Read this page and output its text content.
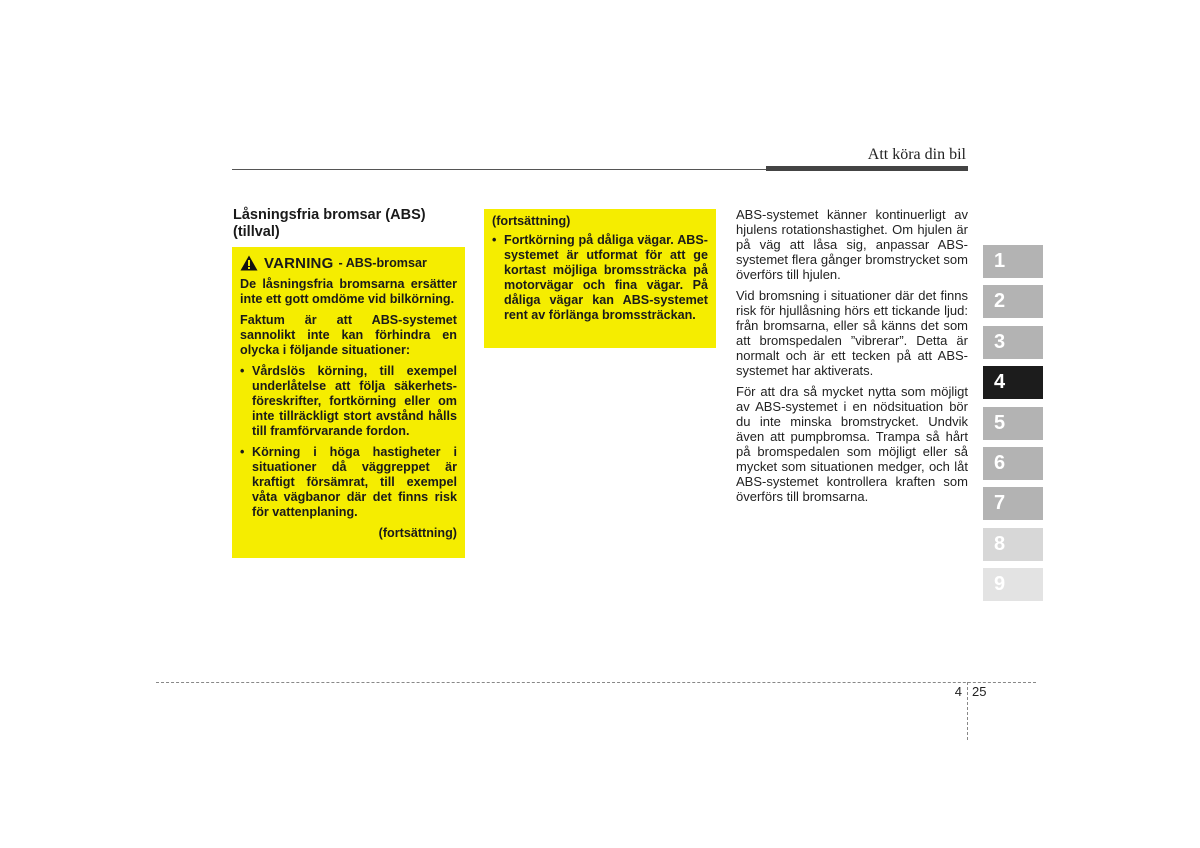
Att köra din bil
Låsningsfria bromsar (ABS) (tillval)
VARNING - ABS-bromsar

De låsningsfria bromsarna ersätter inte ett gott omdöme vid bilkörning.

Faktum är att ABS-systemet sannolikt inte kan förhindra en olycka i följande situationer:

• Vårdslös körning, till exempel underlåtelse att följa säkerhets-föreskrifter, fortkörning eller om inte tillräckligt stort avstånd hålls till framförvarande fordon.
• Körning i höga hastigheter i situationer då väggreppet är kraftigt försämrat, till exempel våta vägbanor där det finns risk för vattenplaning.
(fortsättning)

(fortsättning)

• Fortkörning på dåliga vägar. ABS-systemet är utformat för att ge kortast möjliga bromssträcka på motorvägar och fina vägar. På dåliga vägar kan ABS-systemet rent av förlänga bromssträckan.

ABS-systemet känner kontinuerligt av hjulens rotationshastighet. Om hjulen är på väg att låsa sig, anpassar ABS-systemet flera gånger bromstrycket som överförs till hjulen.

Vid bromsning i situationer där det finns risk för hjullåsning hörs ett tickande ljud: från bromsarna, eller så känns det som att bromspedalen ”vibrerar”. Detta är normalt och är ett tecken på att ABS-systemet har aktiverats.

För att dra så mycket nytta som möjligt av ABS-systemet i en nödsituation bör du inte minska bromstrycket. Undvik även att pumpbromsa. Trampa så hårt på bromspedalen som möjligt eller så mycket som situationen medger, och låt ABS-systemet kontrollera kraften som överförs till bromsarna.

1
2
3
4
5
6
7
8
9
4 25
